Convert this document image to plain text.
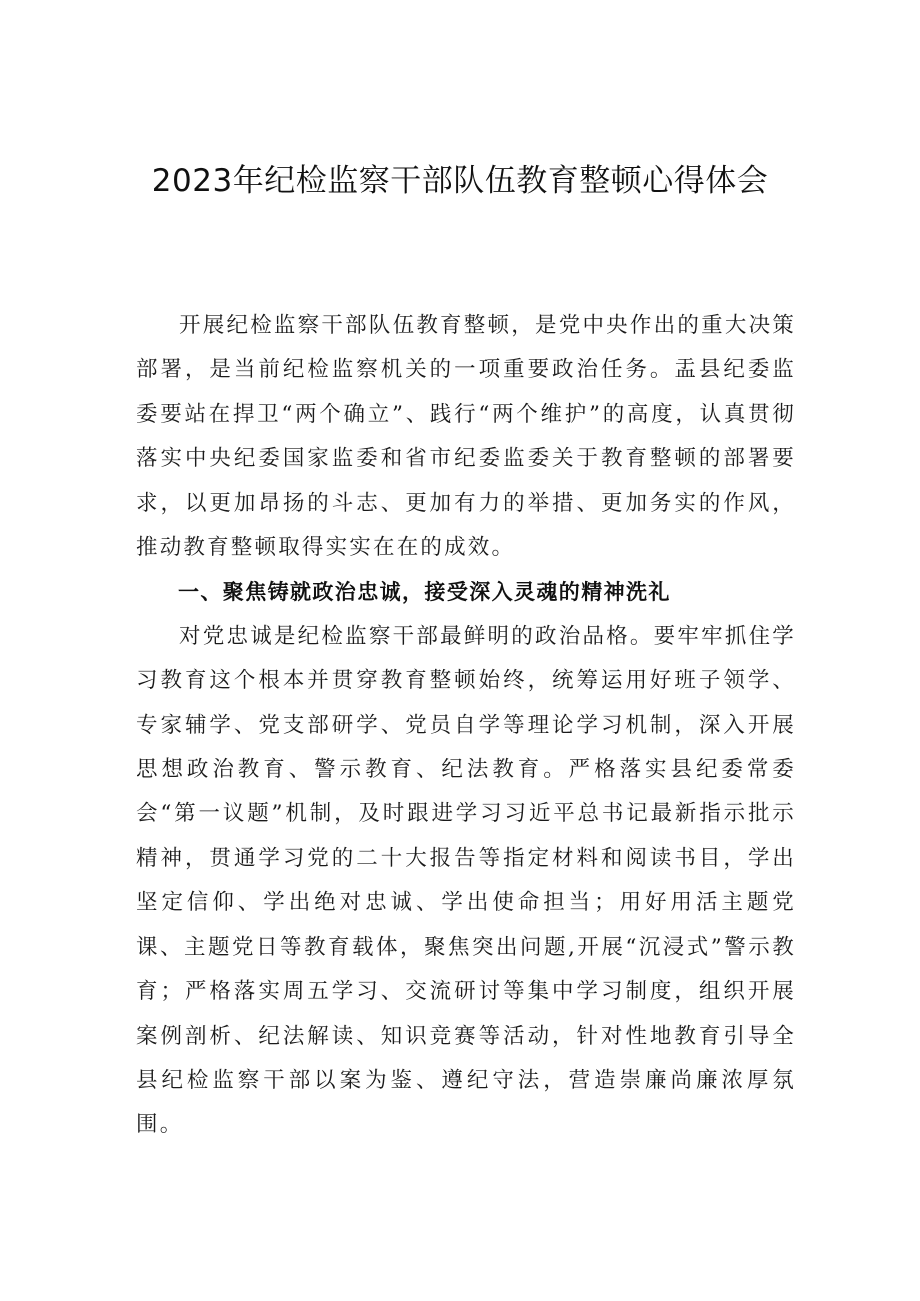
2023年纪检监察干部队伍教育整顿心得体会

开展纪检监察干部队伍教育整顿，是党中央作出的重大决策部署，是当前纪检监察机关的一项重要政治任务。盂县纪委监委要站在捍卫“两个确立”、践行“两个维护”的高度，认真贯彻落实中央纪委国家监委和省市纪委监委关于教育整顿的部署要求，以更加昂扬的斗志、更加有力的举措、更加务实的作风，推动教育整顿取得实实在在的成效。

一、聚焦铸就政治忠诚，接受深入灵魂的精神洗礼

对党忠诚是纪检监察干部最鲜明的政治品格。要牢牢抓住学习教育这个根本并贯穿教育整顿始终，统筹运用好班子领学、专家辅学、党支部研学、党员自学等理论学习机制，深入开展思想政治教育、警示教育、纪法教育。严格落实县纪委常委会“第一议题”机制，及时跟进学习习近平总书记最新指示批示精神，贯通学习党的二十大报告等指定材料和阅读书目，学出坚定信仰、学出绝对忠诚、学出使命担当；用好用活主题党课、主题党日等教育载体，聚焦突出问题,开展“沉浸式”警示教育；严格落实周五学习、交流研讨等集中学习制度，组织开展案例剖析、纪法解读、知识竞赛等活动，针对性地教育引导全县纪检监察干部以案为鉴、遵纪守法，营造崇廉尚廉浓厚氛围。
